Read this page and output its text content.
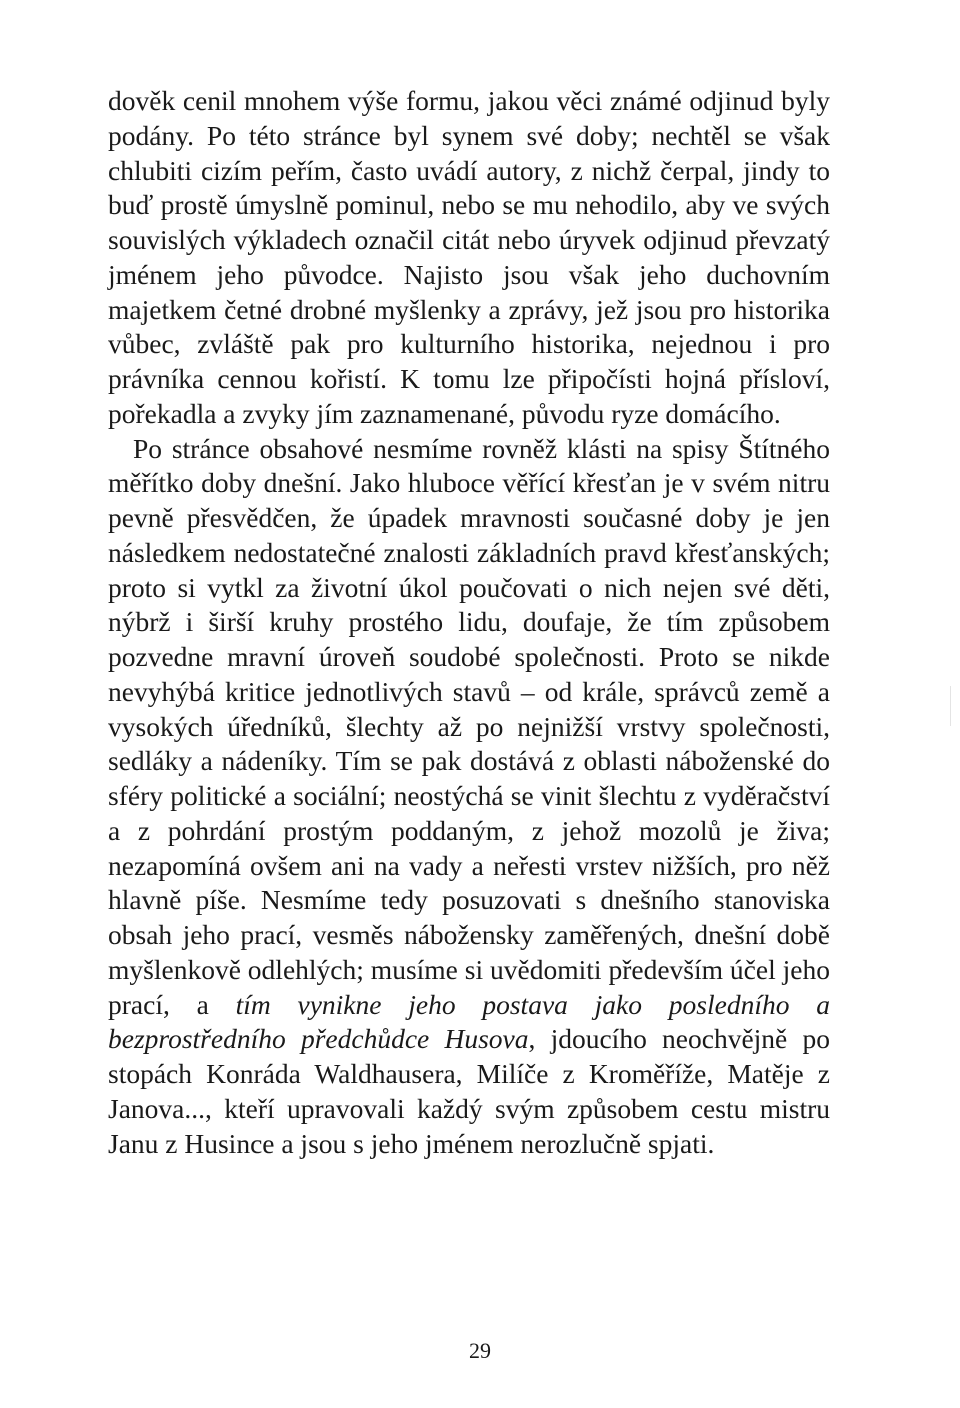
dověk cenil mnohem výše formu, jakou věci známé odjinud byly podány. Po této stránce byl synem své doby; nechtěl se však chlubiti cizím peřím, často uvádí autory, z nichž čerpal, jindy to buď prostě úmyslně pominul, nebo se mu nehodilo, aby ve svých souvislých výkladech označil citát nebo úryvek odjinud převzatý jménem jeho původce. Najisto jsou však jeho duchovním majetkem četné drobné myšlenky a zprávy, jež jsou pro historika vůbec, zvláště pak pro kulturního historika, nejednou i pro právníka cennou kořistí. K tomu lze připočísti hojná přísloví, pořekadla a zvyky jím zaznamenané, původu ryze domácího.

Po stránce obsahové nesmíme rovněž klásti na spisy Štítného měřítko doby dnešní. Jako hluboce věřící křesťan je v svém nitru pevně přesvědčen, že úpadek mravnosti současné doby je jen následkem nedostatečné znalosti základních pravd křesťanských; proto si vytkl za životní úkol poučovati o nich nejen své děti, nýbrž i širší kruhy prostého lidu, doufaje, že tím způsobem pozvedne mravní úroveň soudobé společnosti. Proto se nikde nevyhýbá kritice jednotlivých stavů – od krále, správců země a vysokých úředníků, šlechty až po nejnižší vrstvy společnosti, sedláky a nádeníky. Tím se pak dostává z oblasti náboženské do sféry politické a sociální; neostýchá se vinit šlechtu z vyděračství a z pohrdání prostým poddaným, z jehož mozolů je živa; nezapomíná ovšem ani na vady a neřesti vrstev nižších, pro něž hlavně píše. Nesmíme tedy posuzovati s dnešního stanoviska obsah jeho prací, vesměs nábožensky zaměřených, dnešní době myšlenkově odlehlých; musíme si uvědomiti především účel jeho prací, a tím vynikne jeho postava jako posledního a bezprostředního předchůdce Husova, jdoucího neochvějně po stopách Konráda Waldhausera, Milíče z Kroměříže, Matěje z Janova..., kteří upravovali každý svým způsobem cestu mistru Janu z Husince a jsou s jeho jménem nerozlučně spjati.

29
